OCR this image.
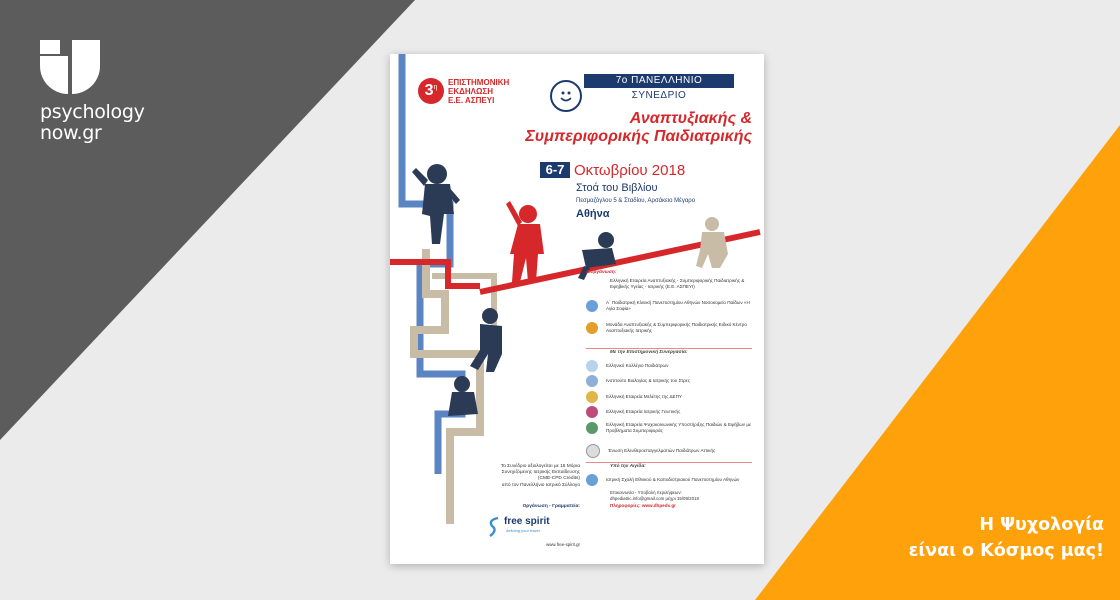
psychology
now.gr
Η Ψυχολογία
είναι ο Κόσμος μας!
3 η ΕΠΙΣΤΗΜΟΝΙΚΗ
ΕΚΔΗΛΩΣΗ
Ε.Ε. ΑΣΠΕΥΙ
7ο ΠΑΝΕΛΛΗΝΙΟ
ΣΥΝΕΔΡΙΟ
Αναπτυξιακής &
Συμπεριφορικής Παιδιατρικής
6-7 Οκτωβρίου 2018
Στοά του Βιβλίου
Πεσμαζόγλου 5 & Σταδίου, Αρσάκειο Μέγαρο
Αθήνα
Διοργάνωση:
Ελληνική Εταιρεία Αναπτυξιακής - Συμπεριφορικής Παιδιατρικής & Εφηβικής Υγείας - Ιατρικής (Ε.Ε. ΑΣΠΕΥΙ)
Α΄ Παιδιατρική Κλινική Πανεπιστημίου Αθηνών Νοσοκομείο Παίδων «Η Αγία Σοφία»
Μονάδα Αναπτυξιακής & Συμπεριφορικής Παιδιατρικής Ειδικό Κέντρο Αναπτυξιακής Ιατρικής
Με την Επιστημονική Συνεργασία:
Ελληνικό Κολλέγιο Παιδιάτρων
Ινστιτούτο Βιολογίας & Ιατρικής του Στρες
Ελληνική Εταιρεία Μελέτης της ΔΕΠΥ
Ελληνική Εταιρεία Ιατρικής Γενετικής
Ελληνική Εταιρεία Ψυχοκοινωνικής Υποστήριξης Παιδιών & Εφήβων με Προβλήματα Συμπεριφοράς
Ένωση Ελευθεροεπαγγελματιών Παιδιάτρων Αττικής
Υπό την Αιγίδα:
Ιατρική Σχολή Εθνικού & Καποδιστριακού Πανεπιστημίου Αθηνών
Επικοινωνία - Υποβολή περιλήψεων:
dhpediatric.info@gmail.com μέχρι 15/09/2018
Πληροφορίες: www.dhpeds.gr
Το Συνέδριο αξιολογείται με 16 Μόρια
Συνεχιζόμενης Ιατρικής Εκπαίδευσης
(CME-CPD Credits)
από τον Πανελλήνιο Ιατρικό Σύλλογο
Οργάνωση - Γραμματεία:
free spirit
defining your travel
www.free-spirit.gr
